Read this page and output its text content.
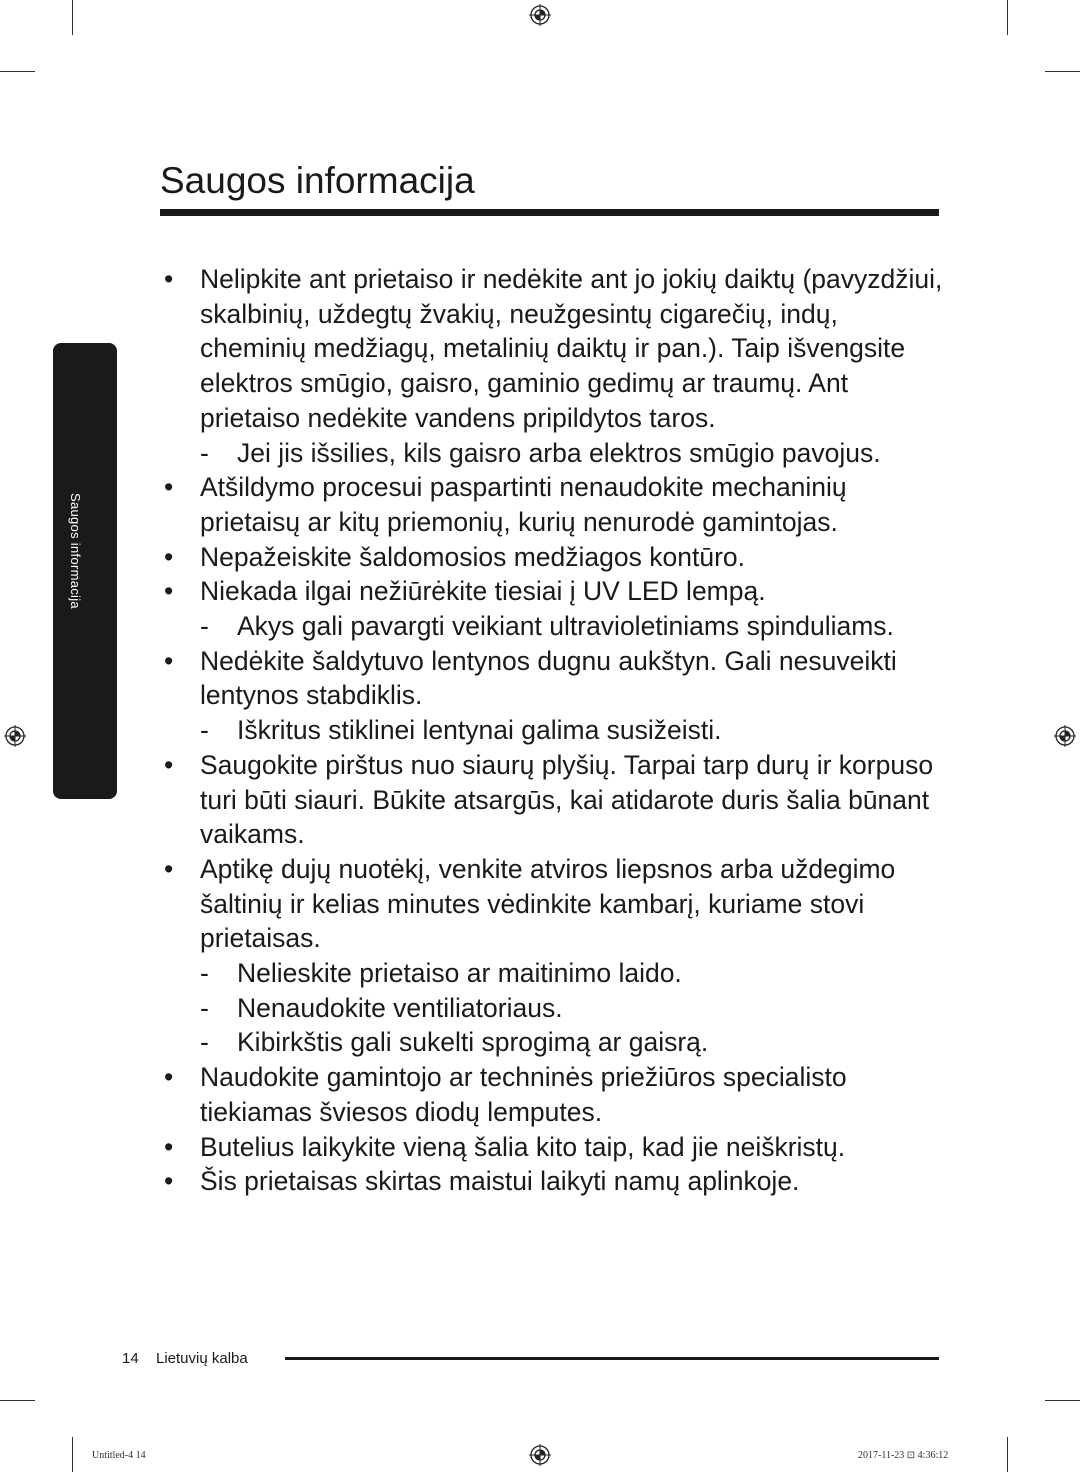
Saugos informacija
Saugos informacija
• Nelipkite ant prietaiso ir nedėkite ant jo jokių daiktų (pavyzdžiui, skalbinių, uždegtų žvakių, neužgesintų cigarečių, indų, cheminių medžiagų, metalinių daiktų ir pan.). Taip išvengsite elektros smūgio, gaisro, gaminio gedimų ar traumų. Ant prietaiso nedėkite vandens pripildytos taros.
- Jei jis išsilies, kils gaisro arba elektros smūgio pavojus.
• Atšildymo procesui paspartinti nenaudokite mechaninių prietaisų ar kitų priemonių, kurių nenurodė gamintojas.
• Nepažeiskite šaldomosios medžiagos kontūro.
• Niekada ilgai nežiūrėkite tiesiai į UV LED lempą.
- Akys gali pavargti veikiant ultravioletiniams spinduliams.
• Nedėkite šaldytuvo lentynos dugnu aukštyn. Gali nesuveikti lentynos stabdiklis.
- Iškritus stiklinei lentynai galima susižeisti.
• Saugokite pirštus nuo siaurų plyšių. Tarpai tarp durų ir korpuso turi būti siauri. Būkite atsargūs, kai atidarote duris šalia būnant vaikams.
• Aptikę dujų nuotėkį, venkite atviros liepsnos arba uždegimo šaltinių ir kelias minutes vėdinkite kambarį, kuriame stovi prietaisas.
- Nelieskite prietaiso ar maitinimo laido.
- Nenaudokite ventiliatoriaus.
- Kibirkštis gali sukelti sprogimą ar gaisrą.
• Naudokite gamintojo ar techninės priežiūros specialisto tiekiamas šviesos diodų lemputes.
• Butelius laikykite vieną šalia kito taip, kad jie neiškristų.
• Šis prietaisas skirtas maistui laikyti namų aplinkoje.
14 Lietuvių kalba
Untitled-4 14	2017-11-23 ⊡ 4:36:12
